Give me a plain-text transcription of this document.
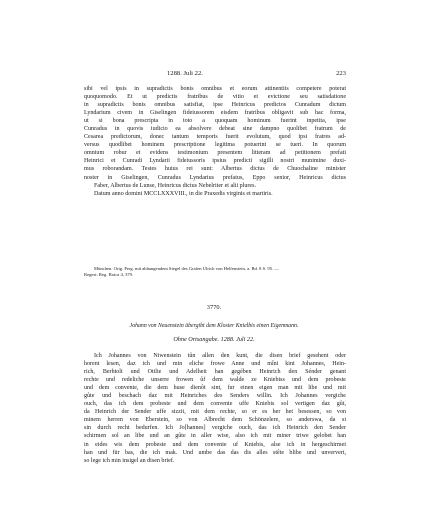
1288. Juli 22.	223

sibi vel ipsis in supradictis bonis omnibus et eorum attinentiis competere poterat

quoquomodo. Et ut predictis fratribus de vitio et evictione seu satisdatione

in supradictis bonis omnibus satisfiat, ipse Heinricus predictos Cunradum dictum

Lyndarium civem in Giselingen fideiussorem eisdem fratribus obligavit sub hac forma,

ut si bona prescripta in toto a quoquam hominum fuerint inpetita, ipse

Cunradus in quovis iudicio ea absolvere debeat sine dampno quolibet fratrum de

Cesarea predictorum, donec tantum temporis fuerit evolutum, quod ipsi fratres ad-

versus quodlibet hominem prescriptione legitima potuerint se tueri. In quorum

omnium robur et evidens testimonium presentem litteram ad petitionem prefati

Heinrici et Cunradi Lyndarii fideiussoris ipsius predicti sigilli nostri munimine duxi-

mus roborandam. Testes huius rei sunt: Albertus dictus de Chuochaline minister

noster in Giselingen, Cunradus Lyndarius prefatus, Eppo senior, Heinricus dictus

Faber, Albertus de Lunse, Heinricus dictus Nebelriter et alii plures.

Datum anno domini MCCLXXXVIII., in die Praxedis virginis et martiris.

München. Orig. Perg. mit abhangendem Siegel des Grafen Ulrich von Helfenstein, a. Bd. 8 S. 95. —

Regest: Reg. Boica 4, 379.

3770.
Johann von Neuenstein übergibt dem Kloster Knielbis einen Eigenmann.
Ohne Ortsangabe. 1288. Juli 22.

Ich Johannes von Niwenstein tůn allen den kunt, die disen brief gesehent oder

horent lesen, daz ich und min eliche frowe Anne und mîni kint Johannes, Hein-

rich, Berhtolt und Otilie und Adelheit han gegében Heinrich den Sénder genant

rechte und redeliche unserre frowen ůf dem walde ze Kniebiss und dem probeste

und dem convente, die dem huse dienôt sint, fur einen eigen man mit libe und mit

gůte und beschach daz mit Heinriches des Senders willin. Ich Johannes vergiche

ouch, das ich dem probeste und dem convente uffe Kniebis sol vertigen daz gůt,

da Heinrich der Sender uffe sizzit, mit dem rechte, so er es her het besessen, so von

minem herren von Eberstein, so von Albrecht dem Schönzelere, so anderswa, da si

sin durch recht bedurfen. Ich Jo[hannes] vergiche ouch, das ich Heinrich den Sender

schirmen sol an libe und an gůte in aller wise, also ich mit miner triwe gelobet han

in eides wis dem probeste und dem convente uf Kniebis, alse ich in hergeschirmet

han und für bas, die ich mak. Und umbe das das dis alles stête blibe und unververt,

so lege ich min insigel an disen brief.
